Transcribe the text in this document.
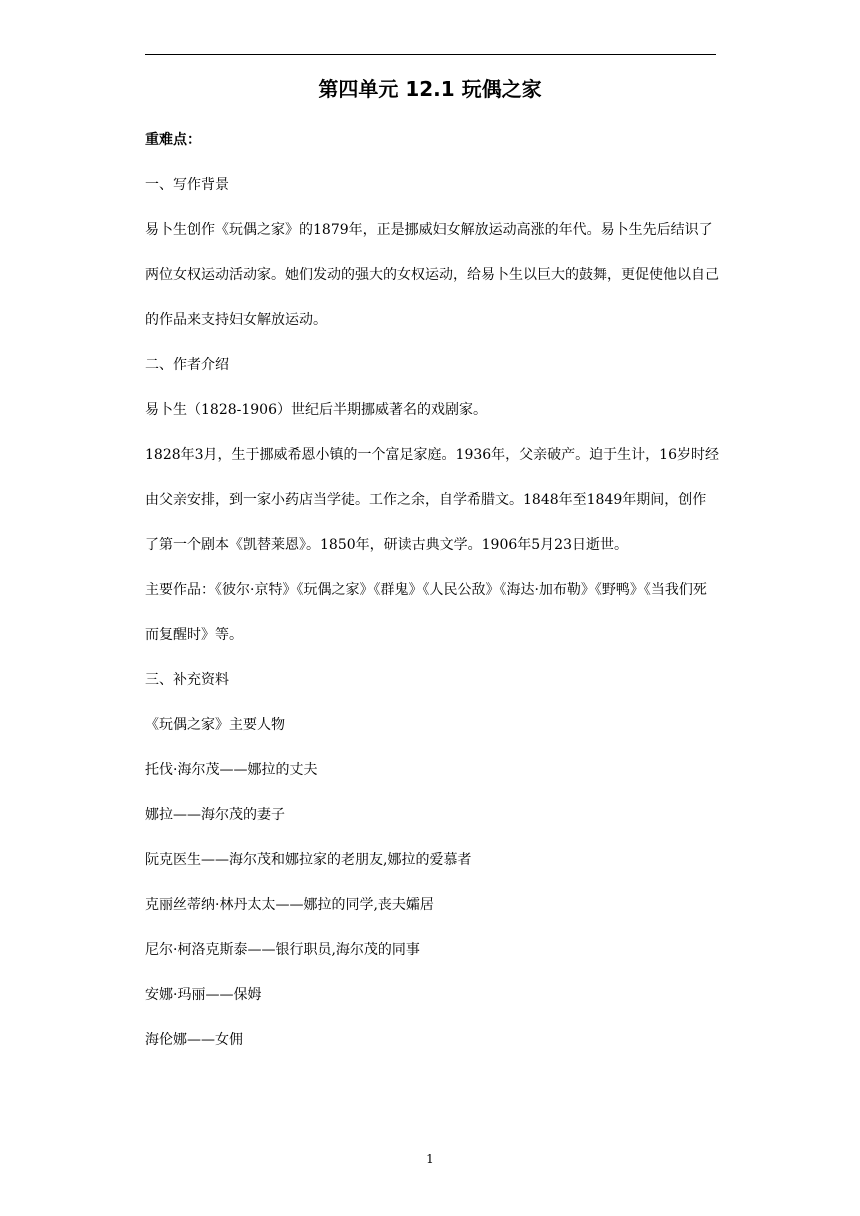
第四单元 12.1 玩偶之家

重难点：

一、写作背景

易卜生创作《玩偶之家》的1879年，正是挪威妇女解放运动高涨的年代。易卜生先后结识了两位女权运动活动家。她们发动的强大的女权运动，给易卜生以巨大的鼓舞，更促使他以自己的作品来支持妇女解放运动。

二、作者介绍

易卜生（1828-1906）世纪后半期挪威著名的戏剧家。

1828年3月，生于挪威希恩小镇的一个富足家庭。1936年，父亲破产。迫于生计，16岁时经由父亲安排，到一家小药店当学徒。工作之余，自学希腊文。1848年至1849年期间，创作了第一个剧本《凯替莱恩》。1850年，研读古典文学。1906年5月23日逝世。

主要作品：《彼尔·京特》《玩偶之家》《群鬼》《人民公敌》《海达·加布勒》《野鸭》《当我们死而复醒时》等。

三、补充资料

《玩偶之家》主要人物

托伐·海尔茂——娜拉的丈夫

娜拉——海尔茂的妻子

阮克医生——海尔茂和娜拉家的老朋友,娜拉的爱慕者

克丽丝蒂纳·林丹太太——娜拉的同学,丧夫孀居

尼尔·柯洛克斯泰——银行职员,海尔茂的同事

安娜·玛丽——保姆

海伦娜——女佣

1
